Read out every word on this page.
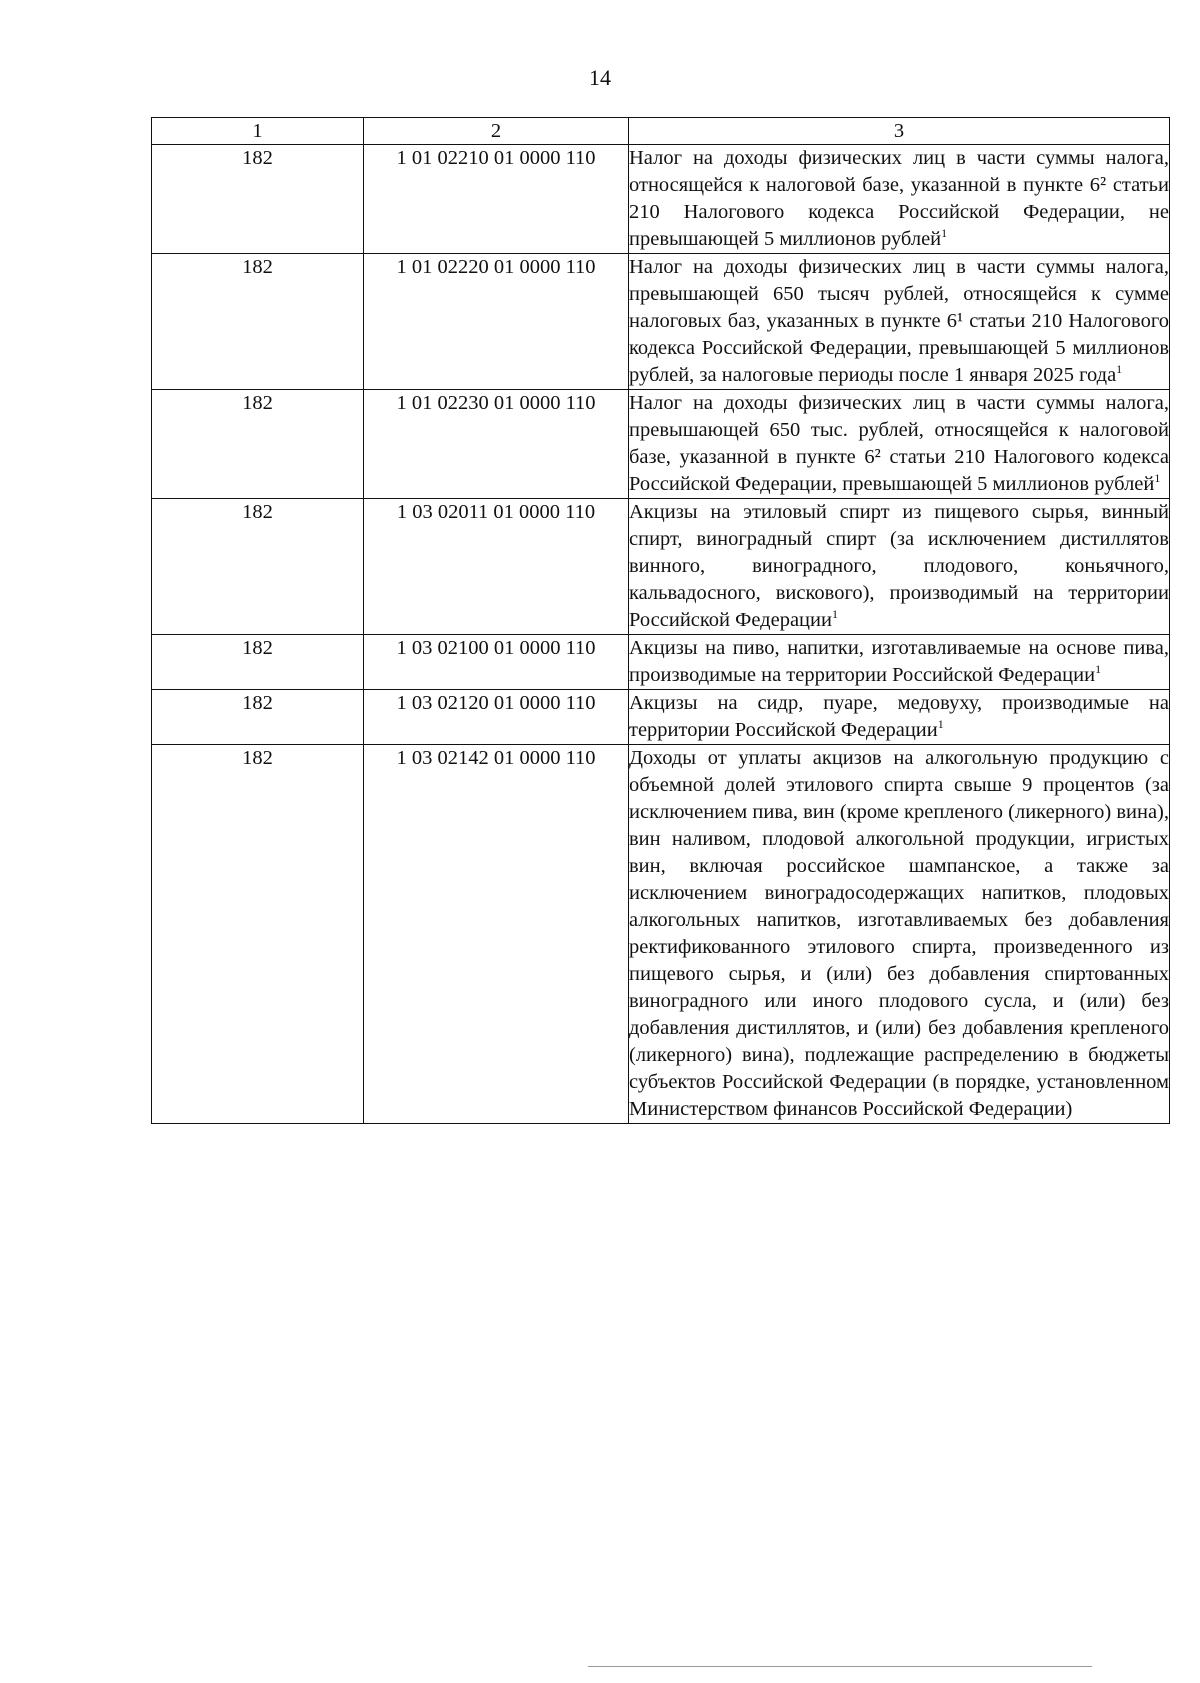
14
1	2	3
182	1 01 02210 01 0000 110	Налог на доходы физических лиц в части суммы налога, относящейся к налоговой базе, указанной в пункте 6² статьи 210 Налогового кодекса Российской Федерации, не превышающей 5 миллионов рублей$^1$
182	1 01 02220 01 0000 110	Налог на доходы физических лиц в части суммы налога, превышающей 650 тысяч рублей, относящейся к сумме налоговых баз, указанных в пункте 6¹ статьи 210 Налогового кодекса Российской Федерации, превышающей 5 миллионов рублей, за налоговые периоды после 1 января 2025 года$^1$
182	1 01 02230 01 0000 110	Налог на доходы физических лиц в части суммы налога, превышающей 650 тыс. рублей, относящейся к налоговой базе, указанной в пункте 6² статьи 210 Налогового кодекса Российской Федерации, превышающей 5 миллионов рублей$^1$
182	1 03 02011 01 0000 110	Акцизы на этиловый спирт из пищевого сырья, винный спирт, виноградный спирт (за исключением дистиллятов винного, виноградного, плодового, коньячного, кальвадосного, вискового), производимый на территории Российской Федерации$^1$
182	1 03 02100 01 0000 110	Акцизы на пиво, напитки, изготавливаемые на основе пива, производимые на территории Российской Федерации$^1$
182	1 03 02120 01 0000 110	Акцизы на сидр, пуаре, медовуху, производимые на территории Российской Федерации$^1$
182	1 03 02142 01 0000 110	Доходы от уплаты акцизов на алкогольную продукцию с объемной долей этилового спирта свыше 9 процентов (за исключением пива, вин (кроме крепленого (ликерного) вина), вин наливом, плодовой алкогольной продукции, игристых вин, включая российское шампанское, а также за исключением виноградосодержащих напитков, плодовых алкогольных напитков, изготавливаемых без добавления ректификованного этилового спирта, произведенного из пищевого сырья, и (или) без добавления спиртованных виноградного или иного плодового сусла, и (или) без добавления дистиллятов, и (или) без добавления крепленого (ликерного) вина), подлежащие распределению в бюджеты субъектов Российской Федерации (в порядке, установленном Министерством финансов Российской Федерации)
